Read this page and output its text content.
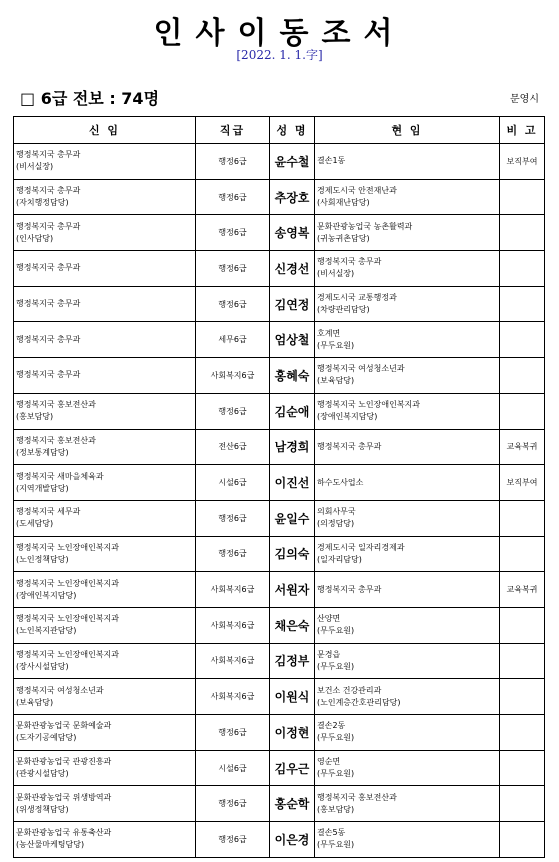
인사이동조서
[2022. 1. 1.字]
□ 6급 전보 : 74명	문영시
신 임	직급	성 명	현 임	비 고

행정복지국 총무과
(비서실장)	행정6급	윤수철	결손1동	보직부여

행정복지국 총무과
(자치행정담당)	행정6급	추장호	경제도시국 안전재난과
(사회재난담당)	

행정복지국 총무과
(인사담당)	행정6급	송영복	문화관광농업국 농촌활력과
(귀농귀촌담당)	

행정복지국 총무과	행정6급	신경선	행정복지국 총무과
(비서실장)	

행정복지국 총무과	행정6급	김연정	경제도시국 교통행정과
(차량관리담당)	

행정복지국 총무과	세무6급	엄상철	호계면
(무두요원)	

행정복지국 총무과	사회복지6급	홍혜숙	행정복지국 여성청소년과
(보육담당)	

행정복지국 홍보전산과
(홍보담당)	행정6급	김순애	행정복지국 노인장애인복지과
(장애인복지담당)	

행정복지국 홍보전산과
(정보통계담당)	전산6급	남경희	행정복지국 총무과	교육복귀

행정복지국 새마을체육과
(지역개발담당)	시설6급	이진선	하수도사업소	보직부여

행정복지국 세무과
(도세담당)	행정6급	윤일수	의회사무국
(의정담당)	

행정복지국 노인장애인복지과
(노인정책담당)	행정6급	김의숙	경제도시국 일자리경제과
(일자리담당)	

행정복지국 노인장애인복지과
(장애인복지담당)	사회복지6급	서원자	행정복지국 총무과	교육복귀

행정복지국 노인장애인복지과
(노인복지관담당)	사회복지6급	채은숙	산양면
(무두요원)	

행정복지국 노인장애인복지과
(장사시설담당)	사회복지6급	김정부	문경읍
(무두요원)	

행정복지국 여성청소년과
(보육담당)	사회복지6급	이원식	보건소 건강관리과
(노인계층간호관리담당)	

문화관광농업국 문화예술과
(도자기공예담당)	행정6급	이정현	결손2동
(무두요원)	

문화관광농업국 관광진흥과
(관광시설담당)	시설6급	김우근	영순면
(무두요원)	

문화관광농업국 위생방역과
(위생정책담당)	행정6급	홍순학	행정복지국 홍보전산과
(홍보담당)	

문화관광농업국 유통축산과
(농산물마케팅담당)	행정6급	이은경	결손5동
(무두요원)	
